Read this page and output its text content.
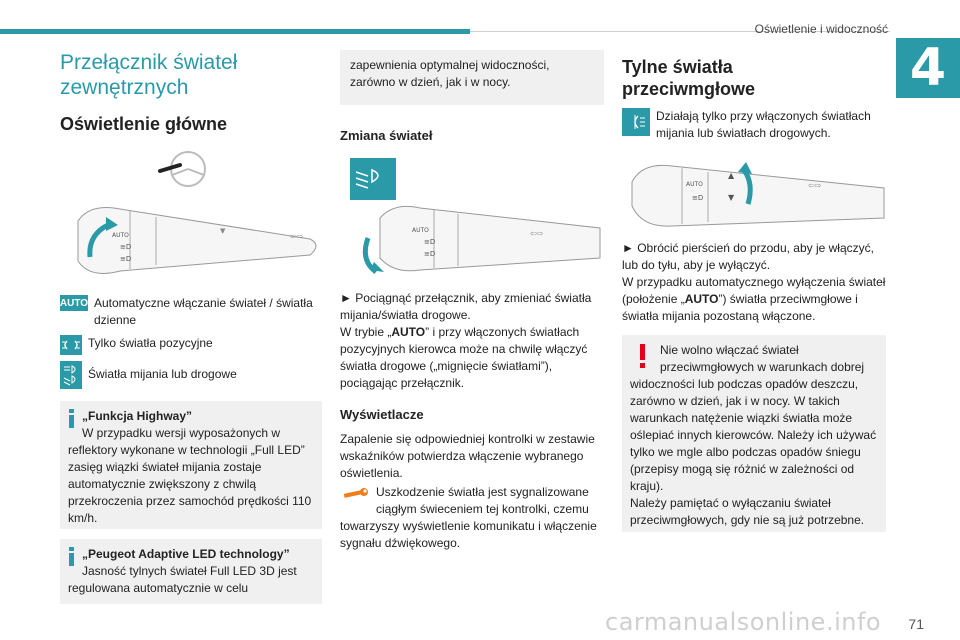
Oświetlenie i widoczność
4
Przełącznik świateł
zewnętrznych
Oświetlenie główne
AUTO
≡D
≡D
▼
⇦⇨
AUTO Automatyczne włączanie świateł / światła dzienne

Tylko światła pozycyjne

Światła mijania lub drogowe

„Funkcja Highway”

W przypadku wersji wyposażonych w reflektory wykonane w technologii „Full LED” zasięg wiązki świateł mijania zostaje automatycznie zwiększony z chwilą przekroczenia przez samochód prędkości 110 km/h.

„Peugeot Adaptive LED technology”

Jasność tylnych świateł Full LED 3D jest regulowana automatycznie w celu

zapewnienia optymalnej widoczności, zarówno w dzień, jak i w nocy.

Zmiana świateł
AUTO
≡D
≡D
⇦⇨

► Pociągnąć przełącznik, aby zmieniać światła mijania/światła drogowe.

W trybie „AUTO” i przy włączonych światłach pozycyjnych kierowca może na chwilę włączyć światła drogowe („mignięcie światłami”), pociągając przełącznik.

Wyświetlacze

Zapalenie się odpowiedniej kontrolki w zestawie wskaźników potwierdza włączenie wybranego oświetlenia.

Uszkodzenie światła jest sygnalizowane ciągłym świeceniem tej kontrolki, czemu towarzyszy wyświetlenie komunikatu i włączenie sygnału dźwiękowego.

Tylne światła
przeciwmgłowe

Działają tylko przy włączonych światłach mijania lub światłach drogowych.

AUTO
≡D
▲
▼
⇦⇨

► Obrócić pierścień do przodu, aby je włączyć, lub do tyłu, aby je wyłączyć.

W przypadku automatycznego wyłączenia świateł (położenie „AUTO”) światła przeciwmgłowe i światła mijania pozostaną włączone.

Nie wolno włączać świateł przeciwmgłowych w warunkach dobrej widoczności lub podczas opadów deszczu, zarówno w dzień, jak i w nocy. W takich warunkach natężenie wiązki światła może oślepiać innych kierowców. Należy ich używać tylko we mgle albo podczas opadów śniegu (przepisy mogą się różnić w zależności od kraju).

Należy pamiętać o wyłączaniu świateł przeciwmgłowych, gdy nie są już potrzebne.

carmanualsonline.info 71
